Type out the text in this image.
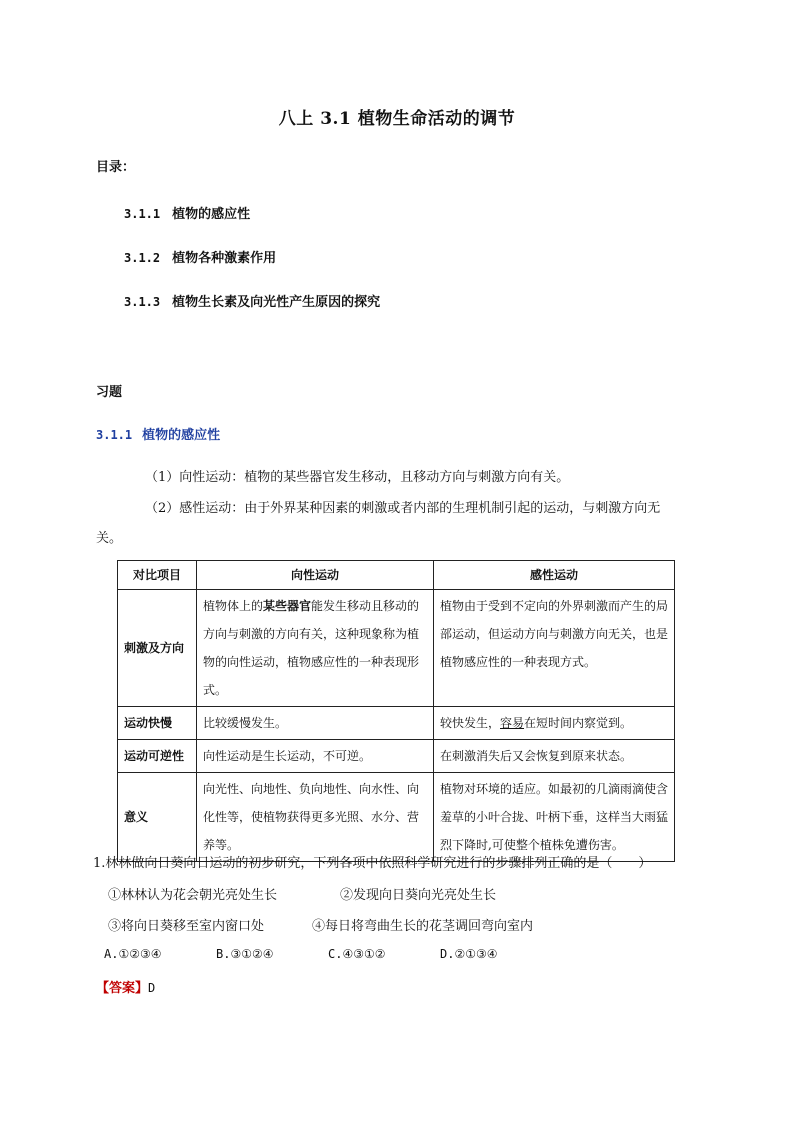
八上 3.1 植物生命活动的调节
目录：
3.1.1 植物的感应性
3.1.2 植物各种激素作用
3.1.3 植物生长素及向光性产生原因的探究
习题
3.1.1 植物的感应性
（1）向性运动：植物的某些器官发生移动，且移动方向与刺激方向有关。
（2）感性运动：由于外界某种因素的刺激或者内部的生理机制引起的运动，与刺激方向无
关。
对比项目	向性运动	感性运动
刺激及方向	植物体上的某些器官能发生移动且移动的方向与刺激的方向有关，这种现象称为植物的向性运动，植物感应性的一种表现形式。	植物由于受到不定向的外界刺激而产生的局部运动，但运动方向与刺激方向无关，也是植物感应性的一种表现方式。
运动快慢	比较缓慢发生。	较快发生，容易在短时间内察觉到。
运动可逆性	向性运动是生长运动，不可逆。	在刺激消失后又会恢复到原来状态。
意义	向光性、向地性、负向地性、向水性、向化性等，使植物获得更多光照、水分、营养等。	植物对环境的适应。如最初的几滴雨滴使含羞草的小叶合拢、叶柄下垂，这样当大雨猛烈下降时,可使整个植株免遭伤害。
1.林林做向日葵向日运动的初步研究，下列各项中依照科学研究进行的步骤排列正确的是（　　）
①林林认为花会朝光亮处生长	②发现向日葵向光亮处生长
③将向日葵移至室内窗口处	④每日将弯曲生长的花茎调回弯向室内
A.①②③④	B.③①②④	C.④③①②	D.②①③④
【答案】D
